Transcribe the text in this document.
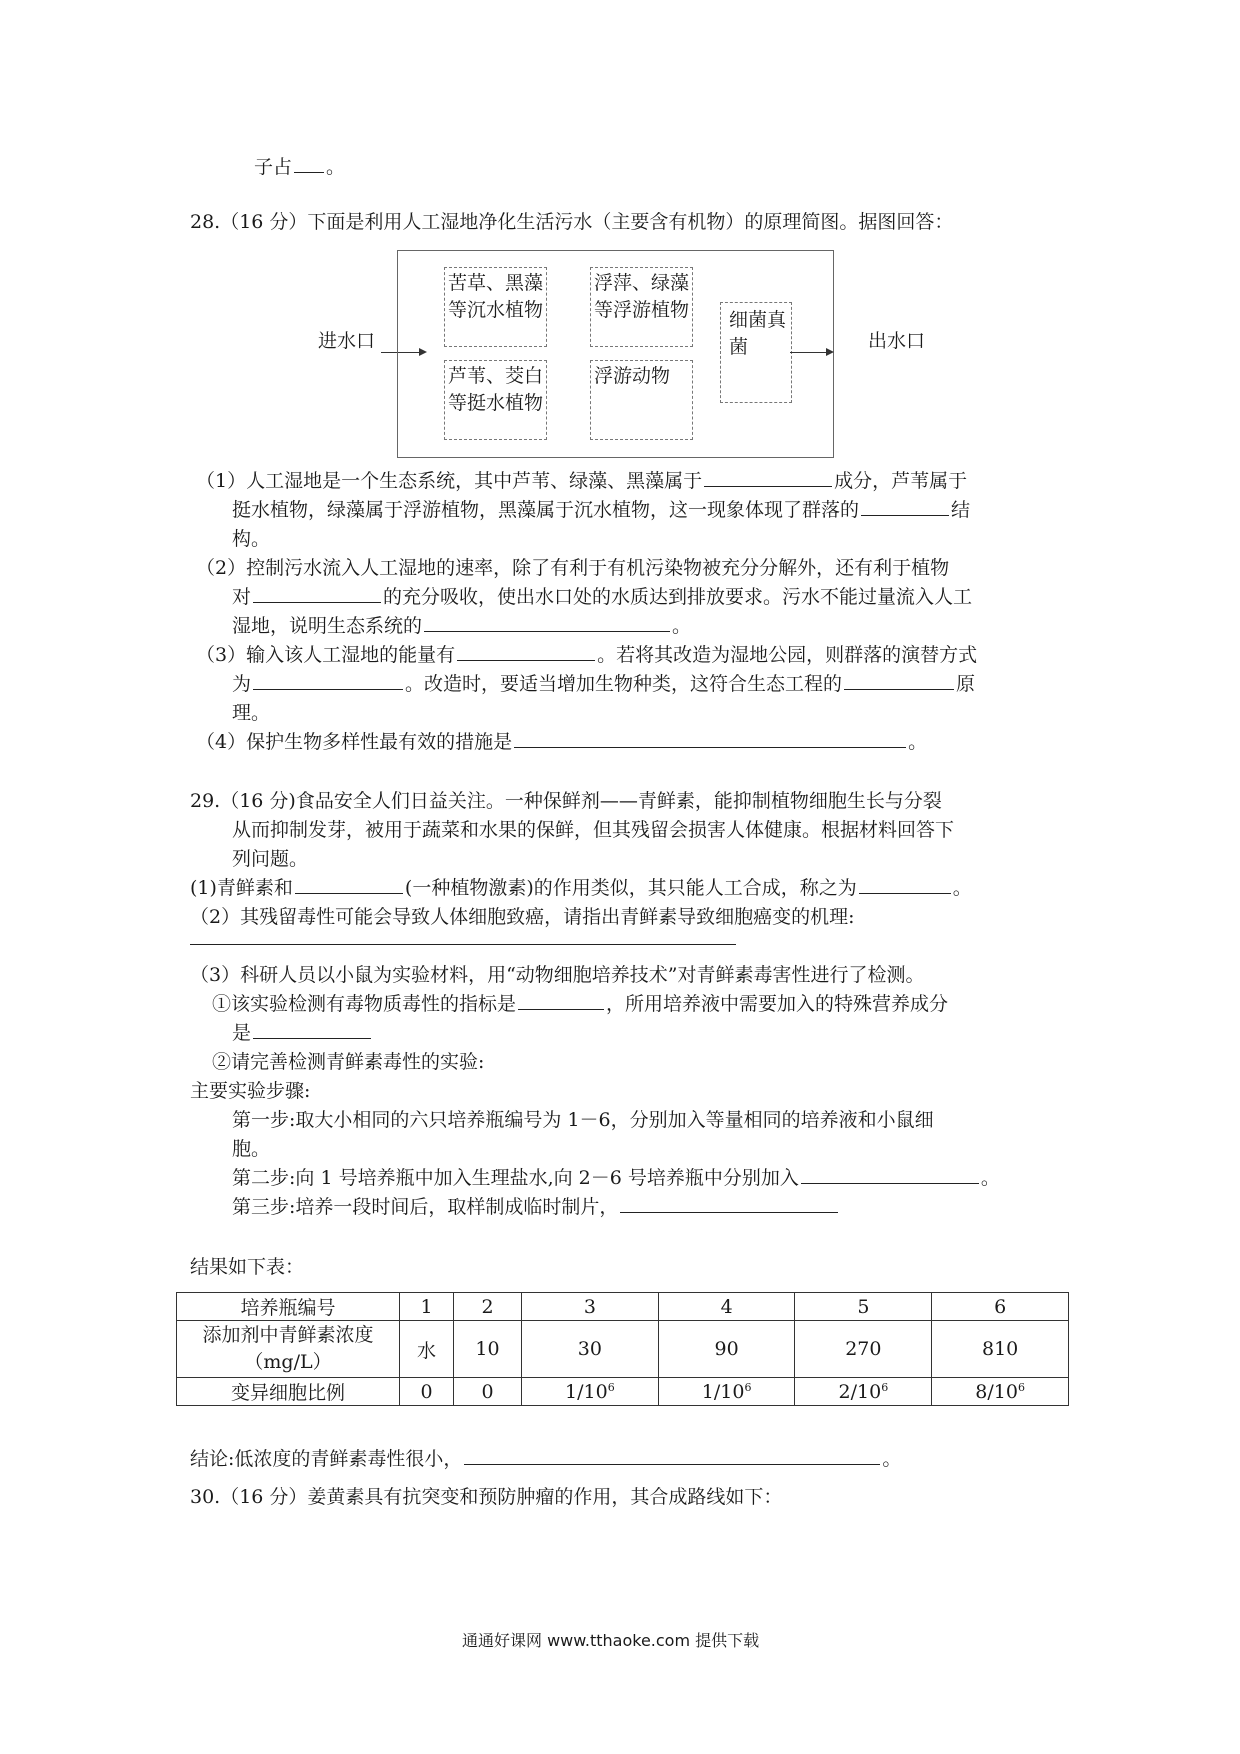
子占 。
28.（16 分）下面是利用人工湿地净化生活污水（主要含有机物）的原理简图。据图回答：
进水口
苦草、黑藻等沉水植物
芦苇、茭白等挺水植物
浮萍、绿藻等浮游植物
浮游动物
细菌真菌	出水口
（1）人工湿地是一个生态系统，其中芦苇、绿藻、黑藻属于	成分，芦苇属于
挺水植物，绿藻属于浮游植物，黑藻属于沉水植物，这一现象体现了群落的	结
构。
（2）控制污水流入人工湿地的速率，除了有利于有机污染物被充分分解外，还有利于植物
对	的充分吸收，使出水口处的水质达到排放要求。污水不能过量流入人工
湿地，说明生态系统的	。
（3）输入该人工湿地的能量有	。若将其改造为湿地公园，则群落的演替方式
为	。改造时，要适当增加生物种类，这符合生态工程的	原
理。
（4）保护生物多样性最有效的措施是	。
29.（16 分)食品安全人们日益关注。一种保鲜剂——青鲜素，能抑制植物细胞生长与分裂
从而抑制发芽，被用于蔬菜和水果的保鲜，但其残留会损害人体健康。根据材料回答下
列问题。
(1)青鲜素和	(一种植物激素)的作用类似，其只能人工合成，称之为	。
（2）其残留毒性可能会导致人体细胞致癌，请指出青鲜素导致细胞癌变的机理:
（3）科研人员以小鼠为实验材料，用“动物细胞培养技术”对青鲜素毒害性进行了检测。
①该实验检测有毒物质毒性的指标是	，所用培养液中需要加入的特殊营养成分
是
②请完善检测青鲜素毒性的实验:
主要实验步骤:
第一步:取大小相同的六只培养瓶编号为 1－6，分别加入等量相同的培养液和小鼠细
胞。
第二步:向 1 号培养瓶中加入生理盐水,向 2－6 号培养瓶中分别加入	。
第三步:培养一段时间后，取样制成临时制片，
结果如下表：
培养瓶编号	1	2	3	4	5	6

添加剂中青鲜素浓度
（mg/L）	水	10	30	90	270	810
变异细胞比例	0	0	$1/10^6$	$1/10^6$	$2/10^6$	$8/10^6$
结论:低浓度的青鲜素毒性很小，	。
30.（16 分）姜黄素具有抗突变和预防肿瘤的作用，其合成路线如下：
通通好课网 www.tthaoke.com 提供下载
